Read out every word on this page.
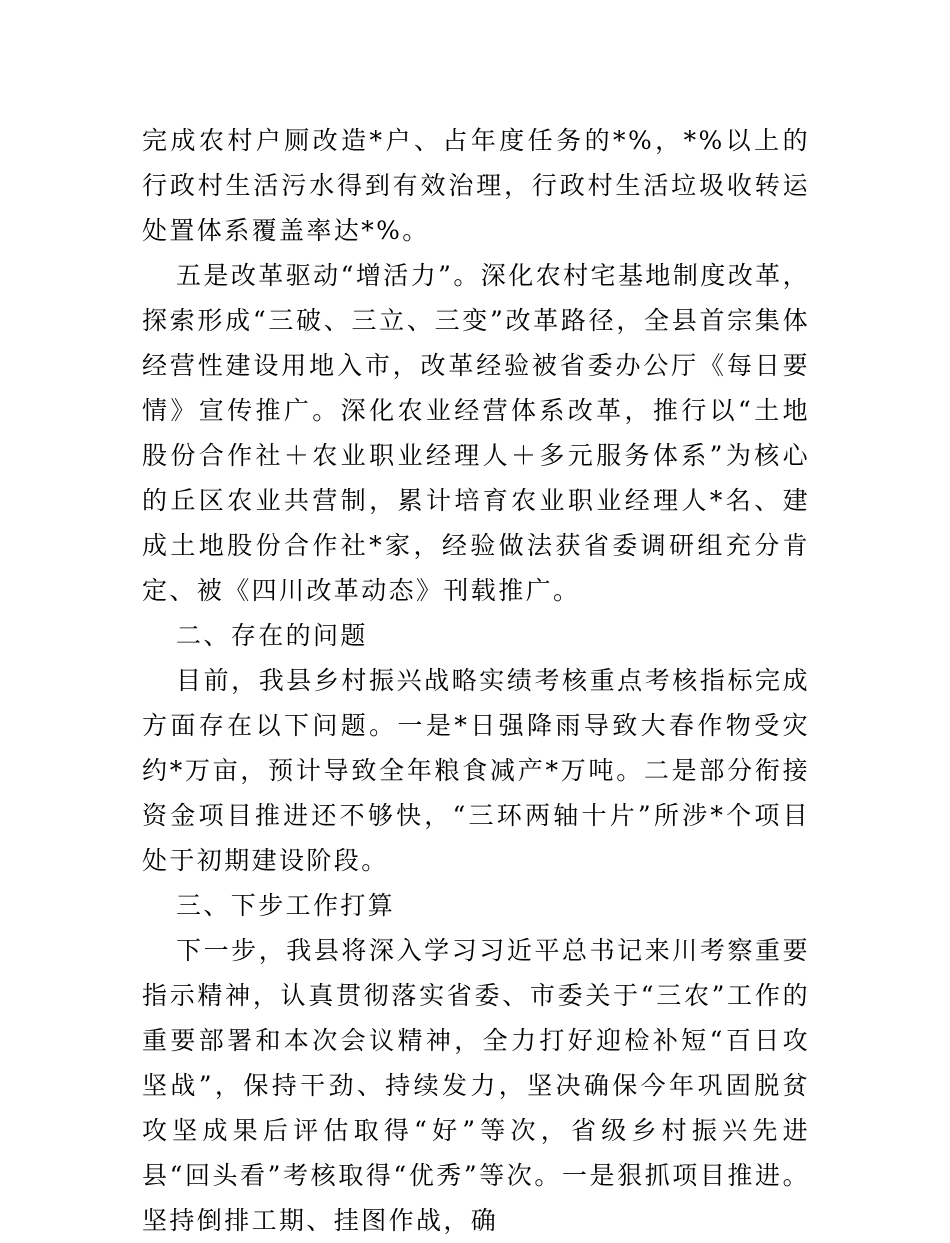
完成农村户厕改造*户、占年度任务的*%，*%以上的行政村生活污水得到有效治理，行政村生活垃圾收转运处置体系覆盖率达*%。

五是改革驱动“增活力”。深化农村宅基地制度改革，探索形成“三破、三立、三变”改革路径，全县首宗集体经营性建设用地入市，改革经验被省委办公厅《每日要情》宣传推广。深化农业经营体系改革，推行以“土地股份合作社＋农业职业经理人＋多元服务体系”为核心的丘区农业共营制，累计培育农业职业经理人*名、建成土地股份合作社*家，经验做法获省委调研组充分肯定、被《四川改革动态》刊载推广。

二、存在的问题

目前，我县乡村振兴战略实绩考核重点考核指标完成方面存在以下问题。一是*日强降雨导致大春作物受灾约*万亩，预计导致全年粮食减产*万吨。二是部分衔接资金项目推进还不够快，“三环两轴十片”所涉*个项目处于初期建设阶段。

三、下步工作打算

下一步，我县将深入学习习近平总书记来川考察重要指示精神，认真贯彻落实省委、市委关于“三农”工作的重要部署和本次会议精神，全力打好迎检补短“百日攻坚战”，保持干劲、持续发力，坚决确保今年巩固脱贫攻坚成果后评估取得“好”等次，省级乡村振兴先进县“回头看”考核取得“优秀”等次。一是狠抓项目推进。坚持倒排工期、挂图作战，确
